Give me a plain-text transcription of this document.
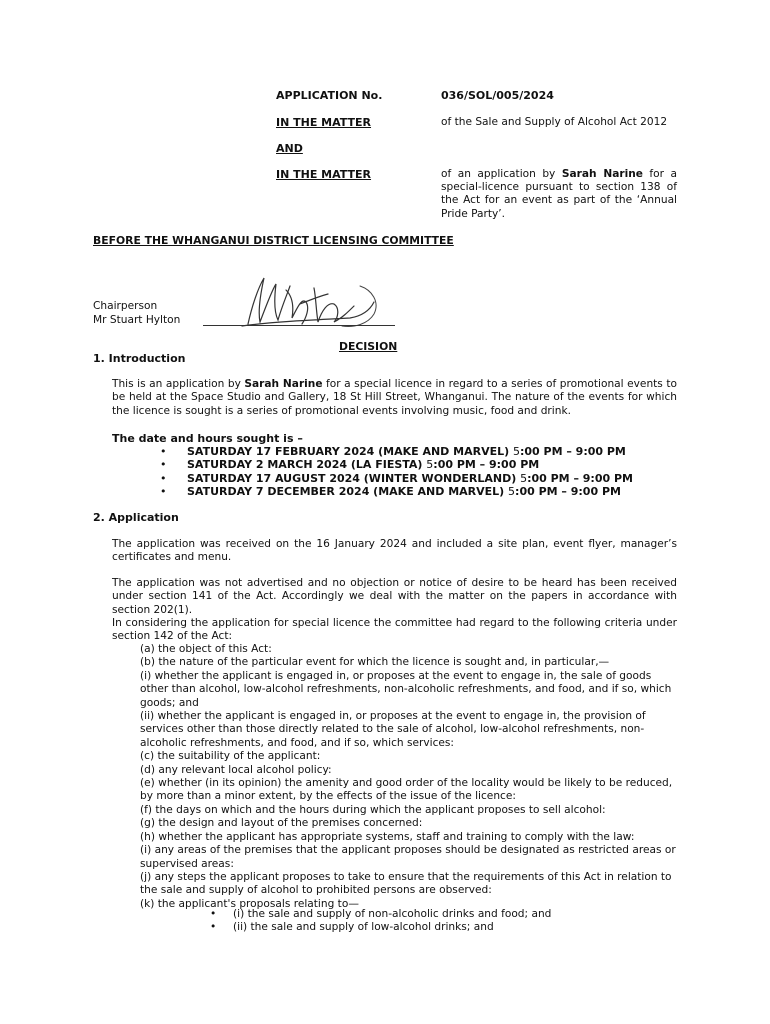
APPLICATION No.	036/SOL/005/2024
IN THE MATTER	of the Sale and Supply of Alcohol Act 2012
AND
IN THE MATTER	of an application by Sarah Narine for a special-licence pursuant to section 138 of the Act for an event as part of the ‘Annual Pride Party’.
BEFORE THE WHANGANUI DISTRICT LICENSING COMMITTEE
Chairperson
Mr Stuart Hylton
DECISION
1. Introduction
This is an application by Sarah Narine for a special licence in regard to a series of promotional events to be held at the Space Studio and Gallery, 18 St Hill Street, Whanganui. The nature of the events for which the licence is sought is a series of promotional events involving music, food and drink.
The date and hours sought is –
• SATURDAY 17 FEBRUARY 2024 (MAKE AND MARVEL) 5:00 PM – 9:00 PM
• SATURDAY 2 MARCH 2024 (LA FIESTA) 5:00 PM – 9:00 PM
• SATURDAY 17 AUGUST 2024 (WINTER WONDERLAND) 5:00 PM – 9:00 PM
• SATURDAY 7 DECEMBER 2024 (MAKE AND MARVEL) 5:00 PM – 9:00 PM
2. Application
The application was received on the 16 January 2024 and included a site plan, event flyer, manager’s certificates and menu.
The application was not advertised and no objection or notice of desire to be heard has been received under section 141 of the Act. Accordingly we deal with the matter on the papers in accordance with section 202(1).
In considering the application for special licence the committee had regard to the following criteria under section 142 of the Act:
(a) the object of this Act:
(b) the nature of the particular event for which the licence is sought and, in particular,—
(i) whether the applicant is engaged in, or proposes at the event to engage in, the sale of goods other than alcohol, low-alcohol refreshments, non-alcoholic refreshments, and food, and if so, which goods; and
(ii) whether the applicant is engaged in, or proposes at the event to engage in, the provision of services other than those directly related to the sale of alcohol, low-alcohol refreshments, non-alcoholic refreshments, and food, and if so, which services:
(c) the suitability of the applicant:
(d) any relevant local alcohol policy:
(e) whether (in its opinion) the amenity and good order of the locality would be likely to be reduced, by more than a minor extent, by the effects of the issue of the licence:
(f) the days on which and the hours during which the applicant proposes to sell alcohol:
(g) the design and layout of the premises concerned:
(h) whether the applicant has appropriate systems, staff and training to comply with the law:
(i) any areas of the premises that the applicant proposes should be designated as restricted areas or supervised areas:
(j) any steps the applicant proposes to take to ensure that the requirements of this Act in relation to the sale and supply of alcohol to prohibited persons are observed:
(k) the applicant's proposals relating to—
• (i) the sale and supply of non-alcoholic drinks and food; and
• (ii) the sale and supply of low-alcohol drinks; and
